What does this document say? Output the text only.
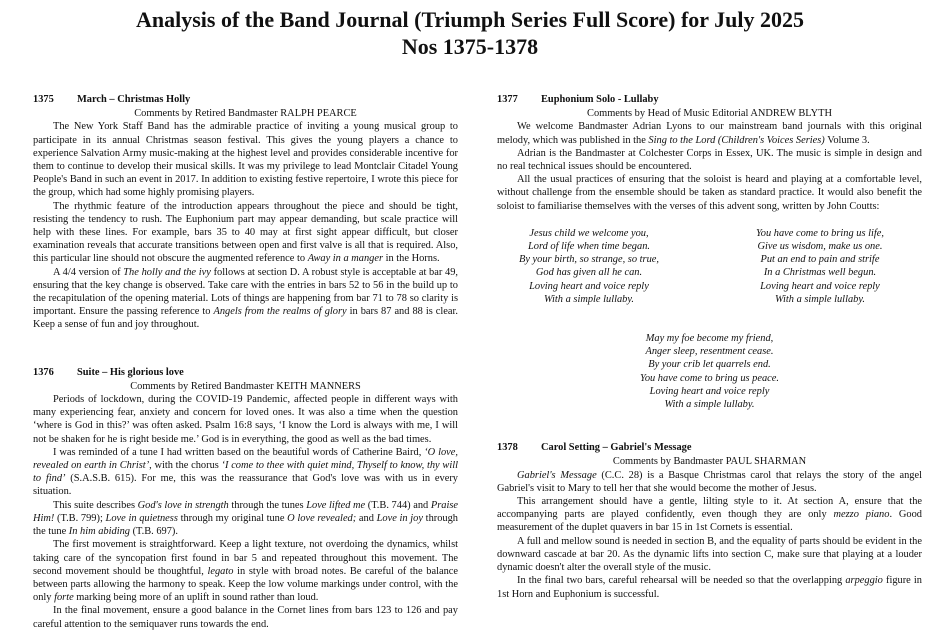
Analysis of the Band Journal (Triumph Series Full Score) for July 2025
Nos 1375-1378
1375 March – Christmas Holly
Comments by Retired Bandmaster RALPH PEARCE

The New York Staff Band has the admirable practice of inviting a young musical group to participate in its annual Christmas season festival. This gives the young players a chance to experience Salvation Army music-making at the highest level and provides considerable incentive for them to continue to develop their musical skills. It was my privilege to lead Montclair Citadel Young People's Band in such an event in 2017. In addition to existing festive repertoire, I wrote this piece for the group, which had some highly promising players.

The rhythmic feature of the introduction appears throughout the piece and should be tight, resisting the tendency to rush. The Euphonium part may appear demanding, but scale practice will help with these lines. For example, bars 35 to 40 may at first sight appear difficult, but closer examination reveals that accurate transitions between open and first valve is all that is required. Also, this particular line should not obscure the augmented reference to Away in a manger in the Horns.

A 4/4 version of The holly and the ivy follows at section D. A robust style is acceptable at bar 49, ensuring that the key change is observed. Take care with the entries in bars 52 to 56 in the build up to the recapitulation of the opening material. Lots of things are happening from bar 71 to 78 so clarity is important. Ensure the passing reference to Angels from the realms of glory in bars 87 and 88 is clear. Keep a sense of fun and joy throughout.

1376 Suite – His glorious love
Comments by Retired Bandmaster KEITH MANNERS

Periods of lockdown, during the COVID-19 Pandemic, affected people in different ways with many experiencing fear, anxiety and concern for loved ones. It was also a time when the question ‘where is God in this?’ was often asked. Psalm 16:8 says, ‘I know the Lord is always with me, I will not be shaken for he is right beside me.’ God is in everything, the good as well as the bad times.

I was reminded of a tune I had written based on the beautiful words of Catherine Baird, ‘O love, revealed on earth in Christ’, with the chorus ‘I come to thee with quiet mind, Thyself to know, thy will to find’ (S.A.S.B. 615). For me, this was the reassurance that God's love was with us in every situation.

This suite describes God's love in strength through the tunes Love lifted me (T.B. 744) and Praise Him! (T.B. 799); Love in quietness through my original tune O love revealed; and Love in joy through the tune In him abiding (T.B. 697).

The first movement is straightforward. Keep a light texture, not overdoing the dynamics, whilst taking care of the syncopation first found in bar 5 and repeated throughout this movement. The second movement should be thoughtful, legato in style with broad notes. Be careful of the balance between parts allowing the harmony to speak. Keep the low volume markings under control, with the only forte marking being more of an uplift in sound rather than loud.

In the final movement, ensure a good balance in the Cornet lines from bars 123 to 126 and pay careful attention to the semiquaver runs towards the end.

1377 Euphonium Solo - Lullaby
Comments by Head of Music Editorial ANDREW BLYTH

We welcome Bandmaster Adrian Lyons to our mainstream band journals with this original melody, which was published in the Sing to the Lord (Children's Voices Series) Volume 3.

Adrian is the Bandmaster at Colchester Corps in Essex, UK. The music is simple in design and no real technical issues should be encountered.

All the usual practices of ensuring that the soloist is heard and playing at a comfortable level, without challenge from the ensemble should be taken as standard practice. It would also benefit the soloist to familiarise themselves with the verses of this advent song, written by John Coutts:

Jesus child we welcome you,
Lord of life when time began.
By your birth, so strange, so true,
God has given all he can.
Loving heart and voice reply
With a simple lullaby.
You have come to bring us life,
Give us wisdom, make us one.
Put an end to pain and strife
In a Christmas well begun.
Loving heart and voice reply
With a simple lullaby.
May my foe become my friend,
Anger sleep, resentment cease.
By your crib let quarrels end.
You have come to bring us peace.
Loving heart and voice reply
With a simple lullaby.
1378 Carol Setting – Gabriel's Message
Comments by Bandmaster PAUL SHARMAN

Gabriel's Message (C.C. 28) is a Basque Christmas carol that relays the story of the angel Gabriel's visit to Mary to tell her that she would become the mother of Jesus.

This arrangement should have a gentle, lilting style to it. At section A, ensure that the accompanying parts are played confidently, even though they are only mezzo piano. Good measurement of the duplet quavers in bar 15 in 1st Cornets is essential.

A full and mellow sound is needed in section B, and the equality of parts should be evident in the downward cascade at bar 20. As the dynamic lifts into section C, make sure that playing at a louder dynamic doesn't alter the overall style of the music.

In the final two bars, careful rehearsal will be needed so that the overlapping arpeggio figure in 1st Horn and Euphonium is successful.
